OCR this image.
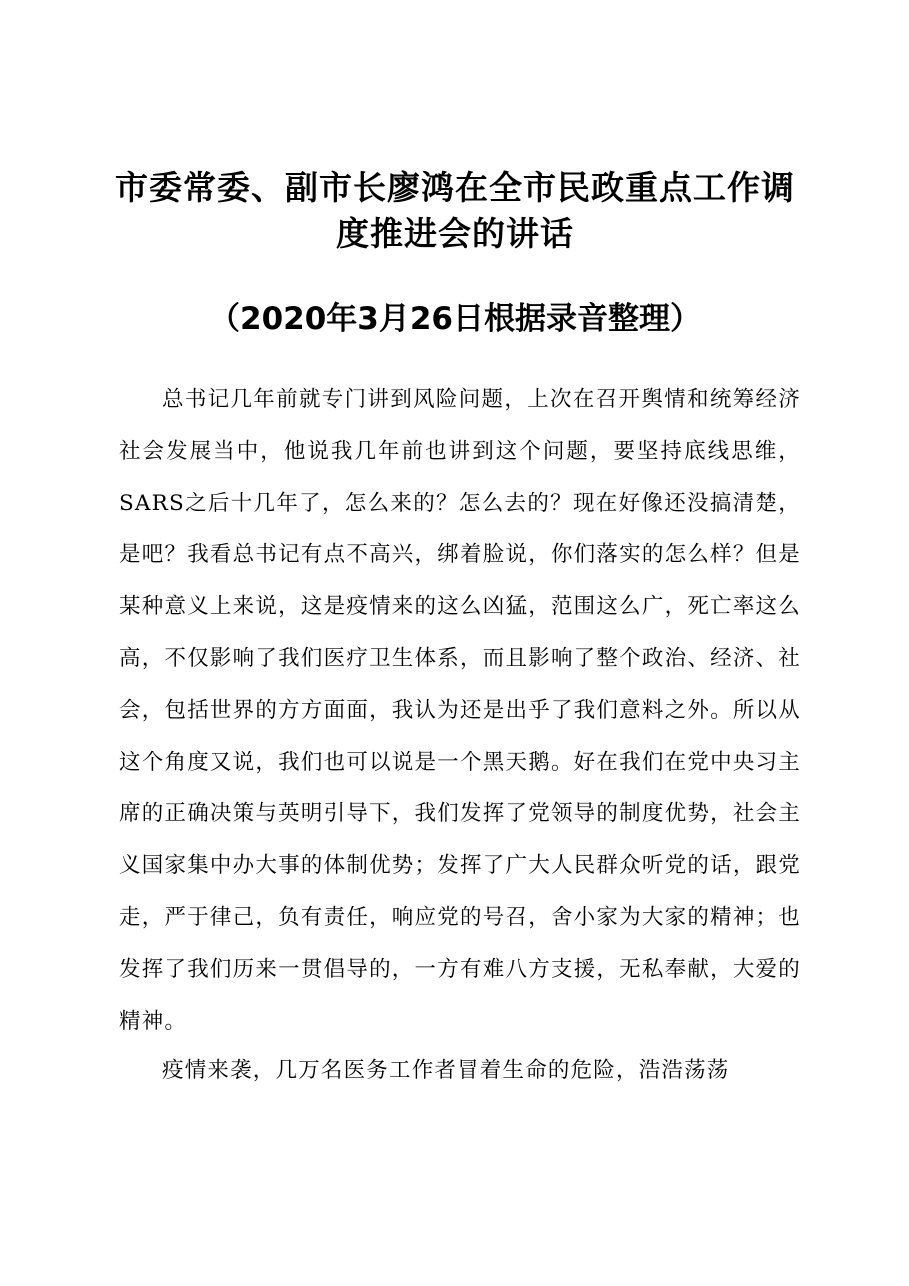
市委常委、副市长廖鸿在全市民政重点工作调
度推进会的讲话
（2020年3月26日根据录音整理）

总书记几年前就专门讲到风险问题，上次在召开舆情和统筹经济社会发展当中，他说我几年前也讲到这个问题，要坚持底线思维，SARS之后十几年了，怎么来的？怎么去的？现在好像还没搞清楚，是吧？我看总书记有点不高兴，绑着脸说，你们落实的怎么样？但是某种意义上来说，这是疫情来的这么凶猛，范围这么广，死亡率这么高，不仅影响了我们医疗卫生体系，而且影响了整个政治、经济、社会，包括世界的方方面面，我认为还是出乎了我们意料之外。所以从这个角度又说，我们也可以说是一个黑天鹅。好在我们在党中央习主席的正确决策与英明引导下，我们发挥了党领导的制度优势，社会主义国家集中办大事的体制优势；发挥了广大人民群众听党的话，跟党走，严于律己，负有责任，响应党的号召，舍小家为大家的精神；也发挥了我们历来一贯倡导的，一方有难八方支援，无私奉献，大爱的精神。

疫情来袭，几万名医务工作者冒着生命的危险，浩浩荡荡
